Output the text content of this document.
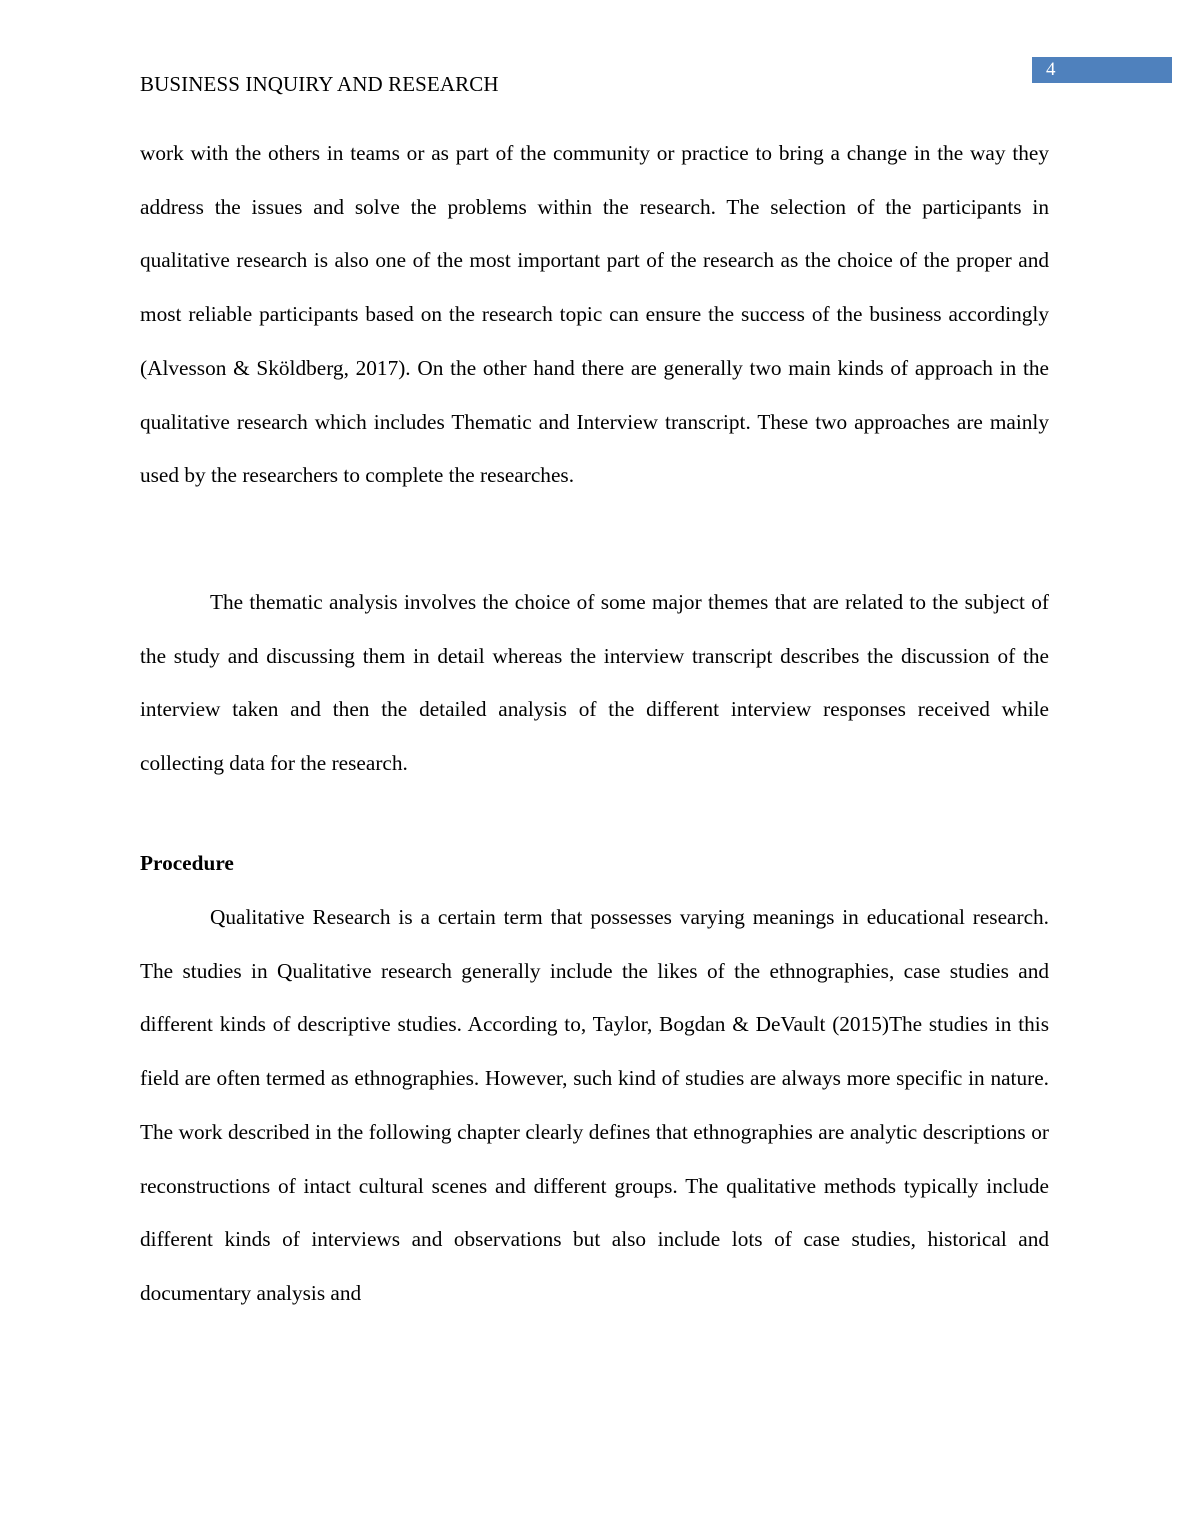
4
BUSINESS INQUIRY AND RESEARCH

work with the others in teams or as part of the community or practice to bring a change in the way they address the issues and solve the problems within the research. The selection of the participants in qualitative research is also one of the most important part of the research as the choice of the proper and most reliable participants based on the research topic can ensure the success of the business accordingly (Alvesson & Sköldberg, 2017). On the other hand there are generally two main kinds of approach in the qualitative research which includes Thematic and Interview transcript. These two approaches are mainly used by the researchers to complete the researches.

The thematic analysis involves the choice of some major themes that are related to the subject of the study and discussing them in detail whereas the interview transcript describes the discussion of the interview taken and then the detailed analysis of the different interview responses received while collecting data for the research.

Procedure

Qualitative Research is a certain term that possesses varying meanings in educational research. The studies in Qualitative research generally include the likes of the ethnographies, case studies and different kinds of descriptive studies. According to, Taylor, Bogdan & DeVault (2015)The studies in this field are often termed as ethnographies. However, such kind of studies are always more specific in nature. The work described in the following chapter clearly defines that ethnographies are analytic descriptions or reconstructions of intact cultural scenes and different groups. The qualitative methods typically include different kinds of interviews and observations but also include lots of case studies, historical and documentary analysis and
